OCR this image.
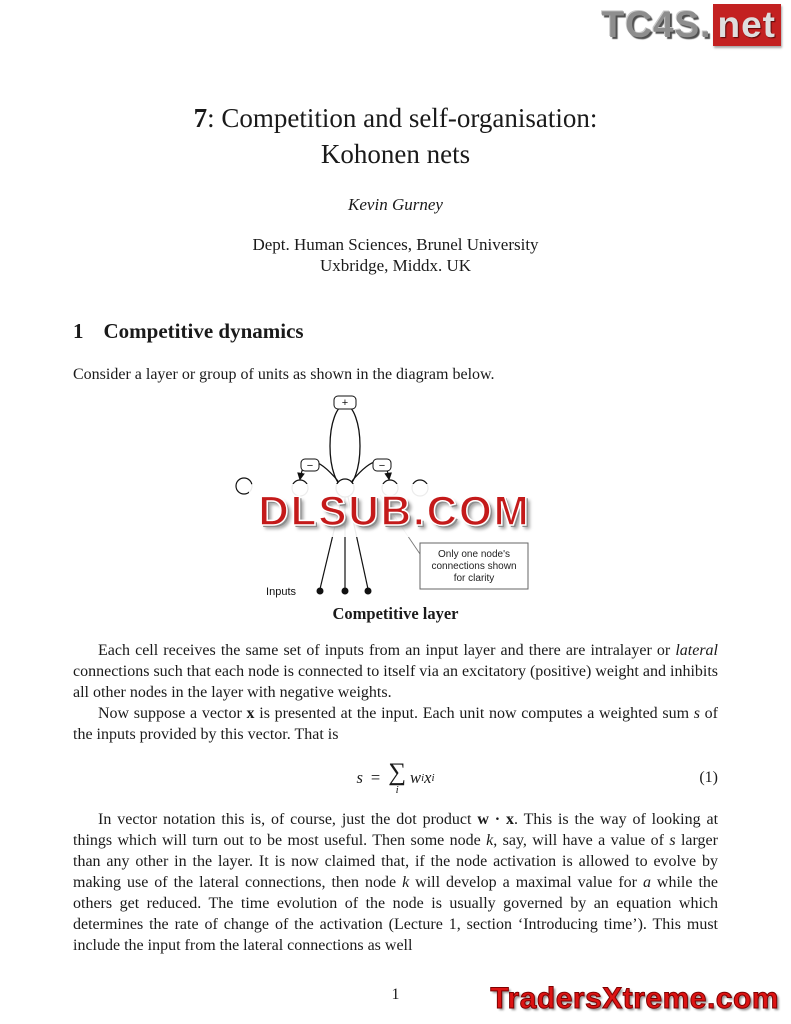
TC4S. net
7: Competition and self-organisation:
Kohonen nets
Kevin Gurney
Dept. Human Sciences, Brunel University
Uxbridge, Middx. UK
1 Competitive dynamics

Consider a layer or group of units as shown in the diagram below.

+
−	−
Only one node's
connections shown
for clarity
Inputs
DLSUB.COM
Competitive layer

Each cell receives the same set of inputs from an input layer and there are intralayer or lateral connections such that each node is connected to itself via an excitatory (positive) weight and inhibits all other nodes in the layer with negative weights.

Now suppose a vector x is presented at the input. Each unit now computes a weighted sum s of the inputs provided by this vector. That is

s = ∑
i
w i x i	(1)

In vector notation this is, of course, just the dot product w · x. This is the way of looking at things which will turn out to be most useful. Then some node k, say, will have a value of s larger than any other in the layer. It is now claimed that, if the node activation is allowed to evolve by making use of the lateral connections, then node k will develop a maximal value for a while the others get reduced. The time evolution of the node is usually governed by an equation which determines the rate of change of the activation (Lecture 1, section ‘Introducing time’). This must include the input from the lateral connections as well

1	TradersXtreme.com
